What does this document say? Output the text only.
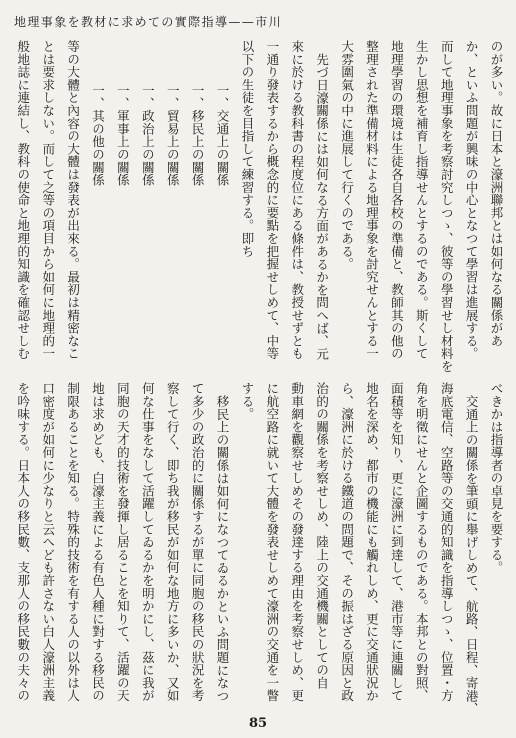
地理事象を教材に求めての實際指導——市川
のが多い。故に日本と濠洲聯邦とは如何なる關係があ
か、といふ問題が興味の中心となつて學習は進展する。
而して地理事象を考察討究しつゝ、彼等の學習せし材料を
生かし思想を補育し指導せんとするのである。斯くして
地理學習の環境は生徒各自各校の準備と、教師其の他の
整理された準備材料による地理事象を討究せんとする一
大雰圍氣の中に進展して行くのである。
先づ日濠關係には如何なる方面があるかを問へば、元
來に於ける教科書の程度位にある條件は、教授せずとも
一通り發表するから概念的に要點を把握せしめて、中等
以下の生徒を目指して練習する。即ち
一、交通上の關係
一、移民上の關係
一、貿易上の關係
一、政治上の關係
一、軍事上の關係
一、其の他の關係
等の大體と內容の大體は發表が出來る。最初は精密なこ
とは要求しない。而して之等の項目から如何に地理的一
般地誌に連結し、教科の使命と地理的知識を確認せしむ
べきかは指導者の卓見を要する。
交通上の關係を筆頭に舉げしめて、航路、日程、寄港、
海底電信、空路等の交通的知識を指導しつゝ、位置・方
角を明徵にせんと企圖するものである。本邦との對照、
面積等を知り、更に濠洲に到達して、港市等に連關して
地名を深め、都市の機能にも觸れしめ、更に交通狀況か
ら、濠洲に於ける鐵道の問題で、その振はざる原因と政
治的の關係を考察せしめ、陸上の交通機關としての自
動車網を觀察せしめその發達する理由を考察せしめ、更
に航空路に就いて大體を發表せしめて濠洲の交通を一瞥
する。
移民上の關係は如何になつてゐるかといふ問題になつ
て多少の政治的に關係するが單に同胞の移民の狀況を考
察して行く、即ち我が移民が如何な地方に多いか、又如
何な仕事をなして活躍してゐるかを明かにし、茲に我が
同胞の天才的技術を發揮し居ることを知りて、活躍の天
地は求めども、白濠主義による有色人種に對する移民の
制限あることを知る。特殊的技術を有する人の以外は人
口密度が如何に少なりと云へども許さない白人濠洲主義
を吟味する。日本人の移民數、支那人の移民數の夫々の
85
